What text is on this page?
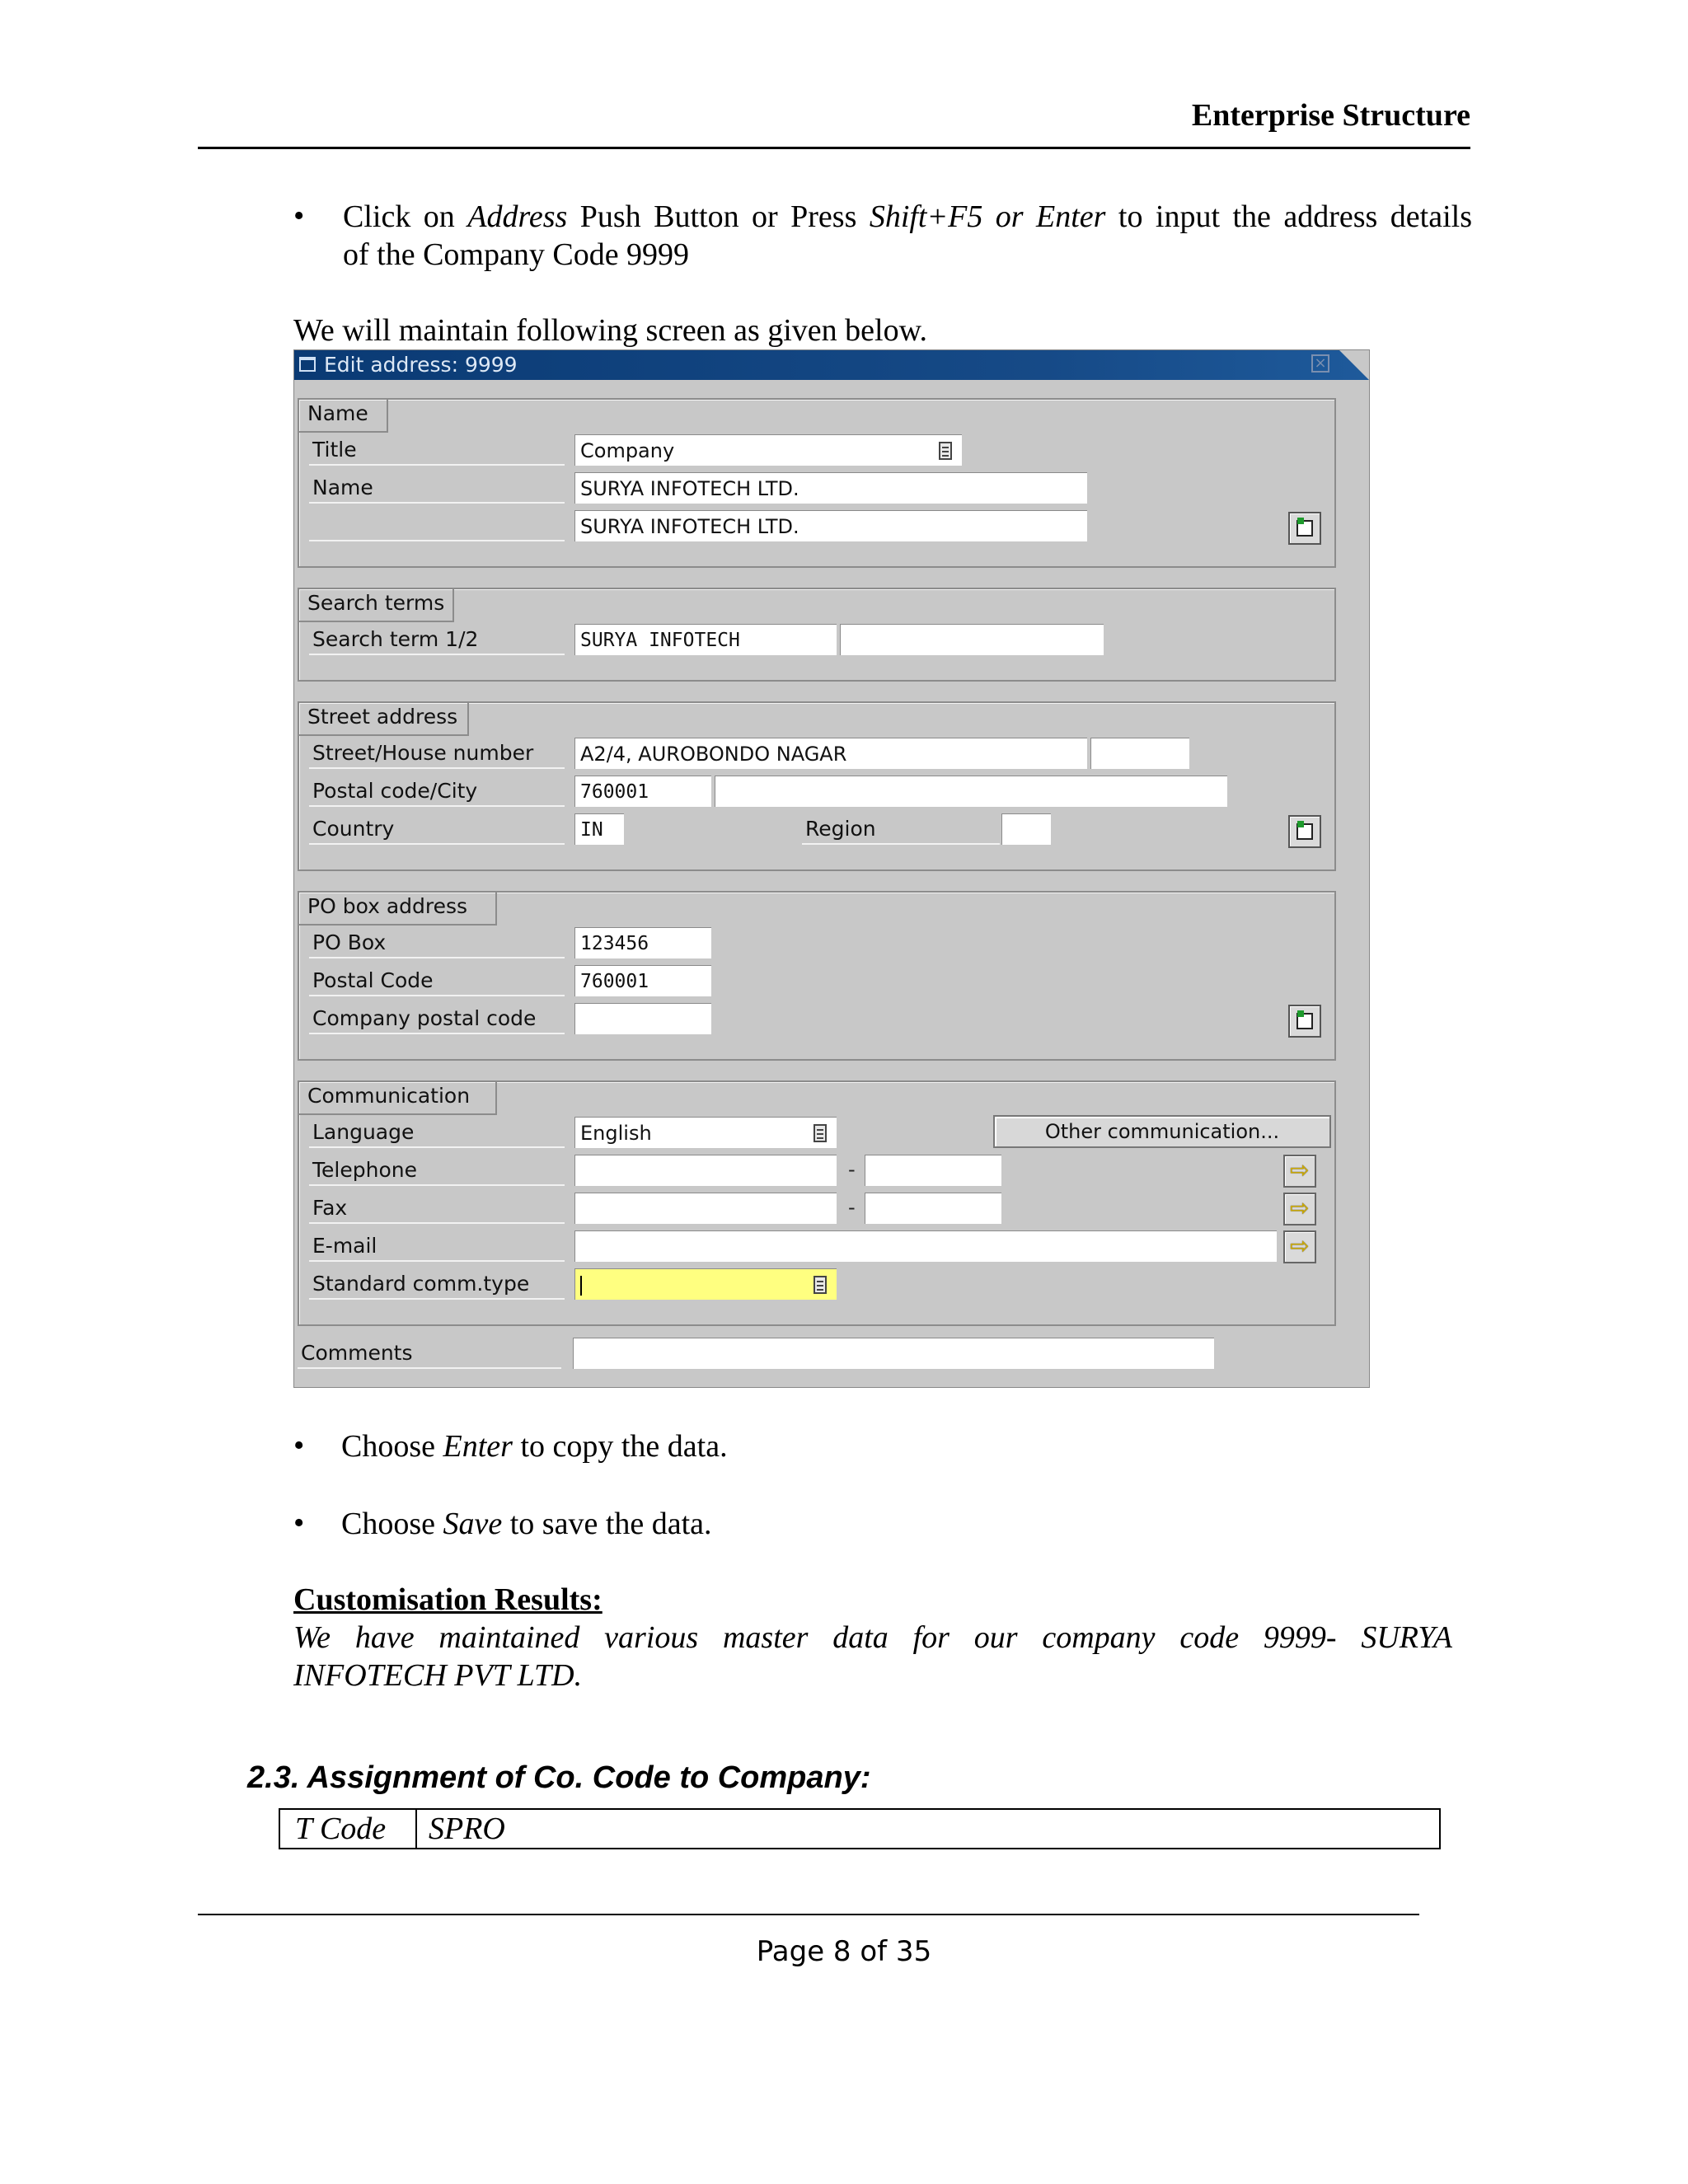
Enterprise Structure
• Click on Address Push Button or Press Shift+F5 or Enter to input the address details
of the Company Code 9999
We will maintain following screen as given below.
Edit address: 9999	×
Name
Title	Company
Name	SURYA INFOTECH LTD.
SURYA INFOTECH LTD.
Search terms
Search term 1/2	SURYA INFOTECH
Street address
Street/House number	A2/4, AUROBONDO NAGAR
Postal code/City	760001
Country	IN	Region
PO box address
PO Box	123456
Postal Code	760001
Company postal code
Communication
Language	English	Other communication...
Telephone	-
⇨
Fax	-
⇨
E-mail
⇨
Standard comm.type
Comments
• Choose Enter to copy the data.
• Choose Save to save the data.
Customisation Results:
We have maintained various master data for our company code 9999- SURYA
INFOTECH PVT LTD.
2.3. Assignment of Co. Code to Company:
T Code	SPRO
Page 8 of 35
